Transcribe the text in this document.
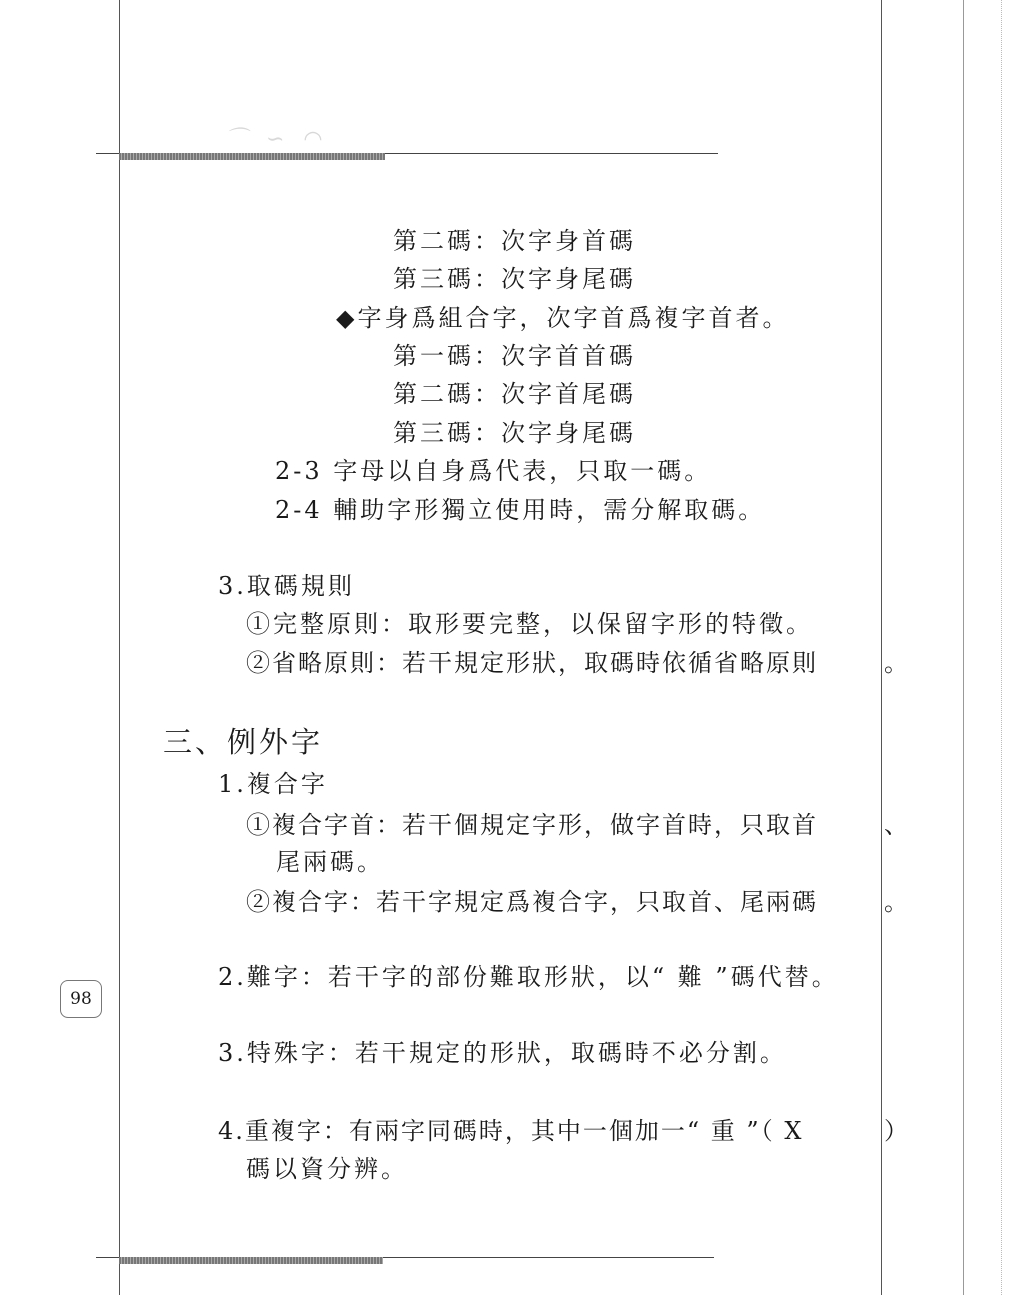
⌒ ∽ ◠
98
第二碼：次字身首碼
第三碼：次字身尾碼
◆字身爲組合字，次字首爲複字首者。
第一碼：次字首首碼
第二碼：次字首尾碼
第三碼：次字身尾碼
2-3 字母以自身爲代表，只取一碼。
2-4 輔助字形獨立使用時，需分解取碼。
3.取碼規則
①完整原則：取形要完整，以保留字形的特徵。
②省略原則：若干規定形狀，取碼時依循省略原則	。
三、例外字
1.複合字
①複合字首：若干個規定字形，做字首時，只取首	、
尾兩碼。
②複合字：若干字規定爲複合字，只取首、尾兩碼	。
2.難字：若干字的部份難取形狀，以“ 難 ”碼代替。
3.特殊字：若干規定的形狀，取碼時不必分割。
4.重複字：有兩字同碼時，其中一個加一“ 重 ”（ X	）
碼以資分辨。
